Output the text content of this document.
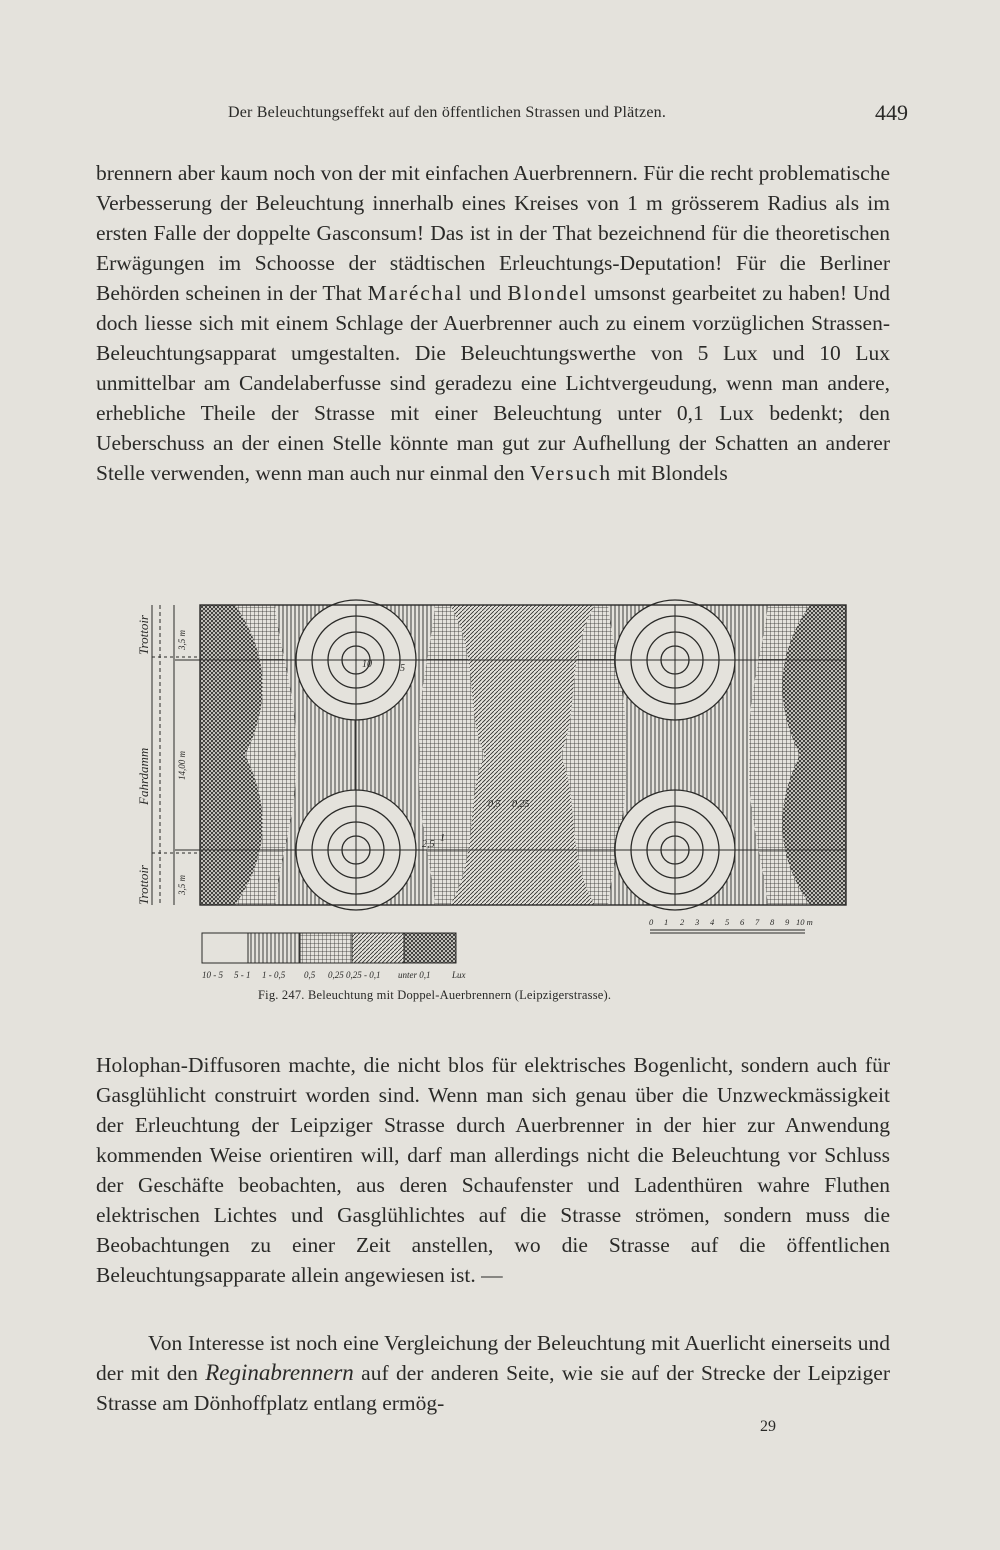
Der Beleuchtungseffekt auf den öffentlichen Strassen und Plätzen.	449

brennern aber kaum noch von der mit einfachen Auerbrennern. Für die recht problematische Verbesserung der Beleuchtung innerhalb eines Kreises von 1 m grösserem Radius als im ersten Falle der doppelte Gasconsum! Das ist in der That bezeichnend für die theoretischen Erwägungen im Schoosse der städtischen Erleuchtungs-Deputation! Für die Berliner Behörden scheinen in der That Maréchal und Blondel umsonst gearbeitet zu haben! Und doch liesse sich mit einem Schlage der Auerbrenner auch zu einem vorzüglichen Strassen-Beleuchtungsapparat umgestalten. Die Beleuchtungswerthe von 5 Lux und 10 Lux unmittelbar am Candelaberfusse sind geradezu eine Lichtvergeudung, wenn man andere, erhebliche Theile der Strasse mit einer Beleuchtung unter 0,1 Lux bedenkt; den Ueberschuss an der einen Stelle könnte man gut zur Aufhellung der Schatten an anderer Stelle verwenden, wenn man auch nur einmal den Versuch mit Blondels

10	5
2,5
1
0,5 0,25
Trottoir
Fahrdamm
Trottoir
3,5 m
14,00 m
3,5 m
0 1 2 3 4 5 6 7 8 9 10 m
10 - 5 5 - 1 1 - 0,5 0,5 0,25 0,25 - 0,1 unter 0,1 Lux
Fig. 247. Beleuchtung mit Doppel-Auerbrennern (Leipzigerstrasse).

Holophan-Diffusoren machte, die nicht blos für elektrisches Bogenlicht, sondern auch für Gasglühlicht construirt worden sind. Wenn man sich genau über die Unzweckmässigkeit der Erleuchtung der Leipziger Strasse durch Auerbrenner in der hier zur Anwendung kommenden Weise orientiren will, darf man allerdings nicht die Beleuchtung vor Schluss der Geschäfte beobachten, aus deren Schaufenster und Ladenthüren wahre Fluthen elektrischen Lichtes und Gasglühlichtes auf die Strasse strömen, sondern muss die Beobachtungen zu einer Zeit anstellen, wo die Strasse auf die öffentlichen Beleuchtungsapparate allein angewiesen ist. —

Von Interesse ist noch eine Vergleichung der Beleuchtung mit Auerlicht einerseits und der mit den Reginabrennern auf der anderen Seite, wie sie auf der Strecke der Leipziger Strasse am Dönhoffplatz entlang ermög-

29
